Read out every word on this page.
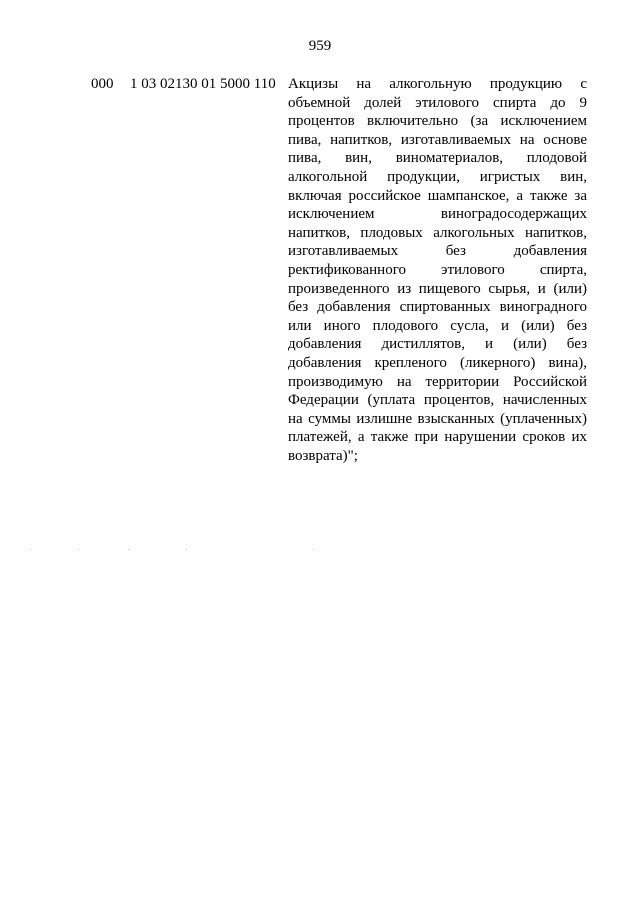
959
000 1 03 02130 01 5000 110 Акцизы на алкогольную продукцию с объемной долей этилового спирта до 9 процентов включительно (за исключением пива, напитков, изготавливаемых на основе пива, вин, виноматериалов, плодовой алкогольной продукции, игристых вин, включая российское шампанское, а также за исключением виноградосодержащих напитков, плодовых алкогольных напитков, изготавливаемых без добавления ректификованного этилового спирта, произведенного из пищевого сырья, и (или) без добавления спиртованных виноградного или иного плодового сусла, и (или) без добавления дистиллятов, и (или) без добавления крепленого (ликерного) вина), производимую на территории Российской Федерации (уплата процентов, начисленных на суммы излишне взысканных (уплаченных) платежей, а также при нарушении сроков их возврата)";
